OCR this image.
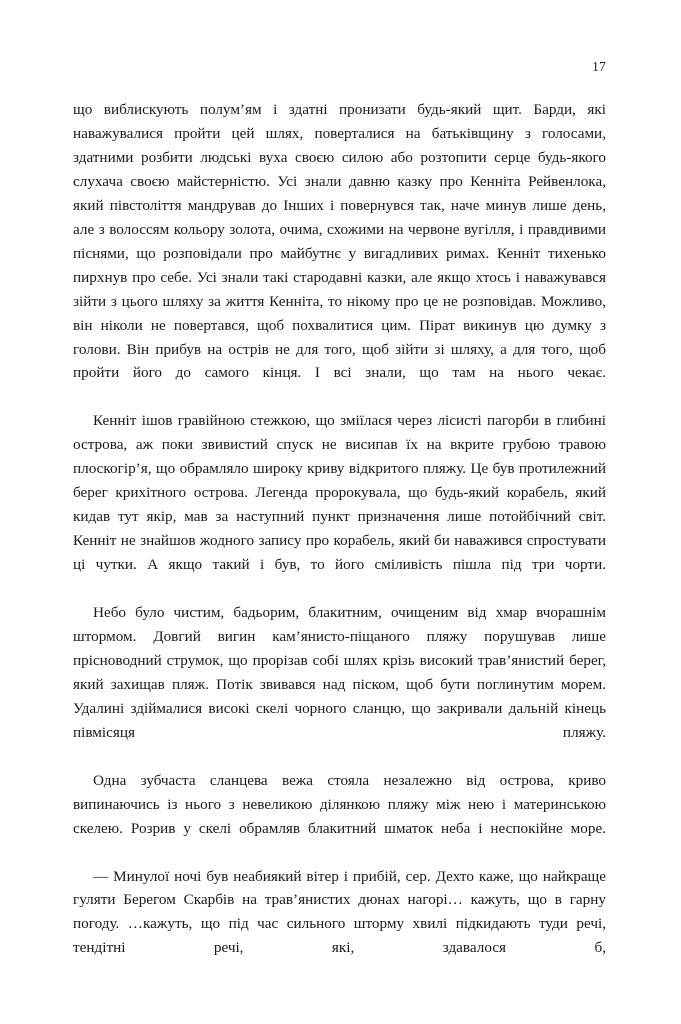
17

що виблискують полум’ям і здатні пронизати будь-який щит. Барди, які наважувалися пройти цей шлях, поверталися на батьківщину з голосами, здатними розбити людські вуха своєю силою або розтопити серце будь-якого слухача своєю майстерністю. Усі знали давню казку про Кенніта Рейвенлока, який півстоліття мандрував до Інших і повернувся так, наче минув лише день, але з волоссям кольору золота, очима, схожими на червоне вугілля, і правдивими піснями, що розповідали про майбутнє у вигадливих римах. Кенніт тихенько пирхнув про себе. Усі знали такі стародавні казки, але якщо хтось і наважувався зійти з цього шляху за життя Кенніта, то нікому про це не розповідав. Можливо, він ніколи не повертався, щоб похвалитися цим. Пірат викинув цю думку з голови. Він прибув на острів не для того, щоб зійти зі шляху, а для того, щоб пройти його до самого кінця. І всі знали, що там на нього чекає.

Кенніт ішов гравійною стежкою, що зміїлася через лісисті пагорби в глибині острова, аж поки звивистий спуск не висипав їх на вкрите грубою травою плоскогір’я, що обрамляло широку криву відкритого пляжу. Це був протилежний берег крихітного острова. Легенда пророкувала, що будь-який корабель, який кидав тут якір, мав за наступний пункт призначення лише потойбічний світ. Кенніт не знайшов жодного запису про корабель, який би наважився спростувати ці чутки. А якщо такий і був, то його сміливість пішла під три чорти.

Небо було чистим, бадьорим, блакитним, очищеним від хмар вчорашнім штормом. Довгий вигин кам’янисто-піщаного пляжу порушував лише прісноводний струмок, що прорізав собі шлях крізь високий трав’янистий берег, який захищав пляж. Потік звивався над піском, щоб бути поглинутим морем. Удалині здіймалися високі скелі чорного сланцю, що закривали дальній кінець півмісяця пляжу.

Одна зубчаста сланцева вежа стояла незалежно від острова, криво випинаючись із нього з невеликою ділянкою пляжу між нею і материнською скелею. Розрив у скелі обрамляв блакитний шматок неба і неспокійне море.

— Минулої ночі був неабиякий вітер і прибій, сер. Дехто каже, що найкраще гуляти Берегом Скарбів на трав’янистих дюнах нагорі… кажуть, що в гарну погоду. …кажуть, що під час сильного шторму хвилі підкидають туди речі, тендітні речі, які, здавалося б,
